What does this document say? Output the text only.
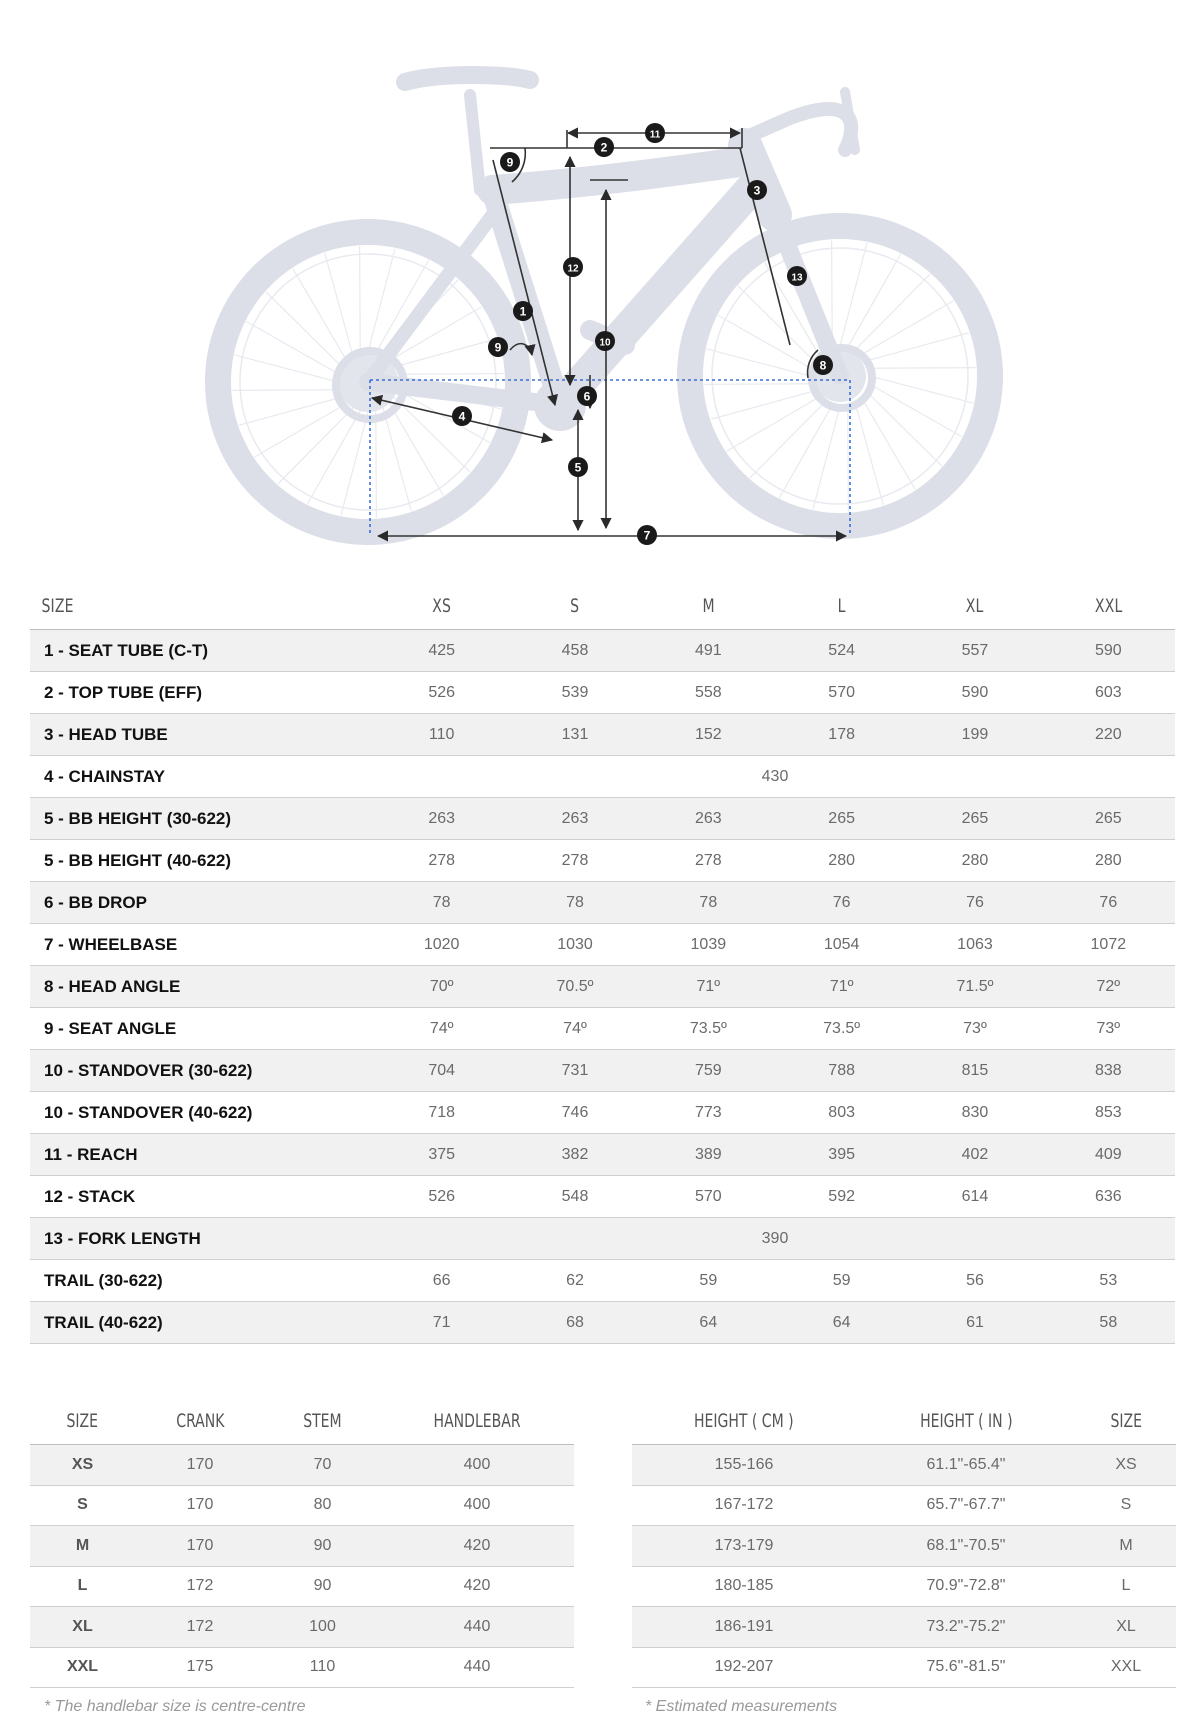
1
2
3
4
5
6
7
8
9
9	10
11
12
13
SIZE	XS	S	M	L	XL	XXL
1 - SEAT TUBE (C-T)	425	458	491	524	557	590
2 - TOP TUBE (EFF)	526	539	558	570	590	603
3 - HEAD TUBE	110	131	152	178	199	220
4 - CHAINSTAY	430					
5 - BB HEIGHT (30-622)	263	263	263	265	265	265
5 - BB HEIGHT (40-622)	278	278	278	280	280	280
6 - BB DROP	78	78	78	76	76	76
7 - WHEELBASE	1020	1030	1039	1054	1063	1072
8 - HEAD ANGLE	70º	70.5º	71º	71º	71.5º	72º
9 - SEAT ANGLE	74º	74º	73.5º	73.5º	73º	73º
10 - STANDOVER (30-622)	704	731	759	788	815	838
10 - STANDOVER (40-622)	718	746	773	803	830	853
11 - REACH	375	382	389	395	402	409
12 - STACK	526	548	570	592	614	636
13 - FORK LENGTH	390					
TRAIL (30-622)	66	62	59	59	56	53
TRAIL (40-622)	71	68	64	64	61	58
SIZE	CRANK	STEM	HANDLEBAR
XS	170	70	400
S	170	80	400
M	170	90	420
L	172	90	420
XL	172	100	440
XXL	175	110	440
HEIGHT ( CM )	HEIGHT ( IN )	SIZE
155-166	61.1"-65.4"	XS
167-172	65.7"-67.7"	S
173-179	68.1"-70.5"	M
180-185	70.9"-72.8"	L
186-191	73.2"-75.2"	XL
192-207	75.6"-81.5"	XXL
* The handlebar size is centre-centre	* Estimated measurements
